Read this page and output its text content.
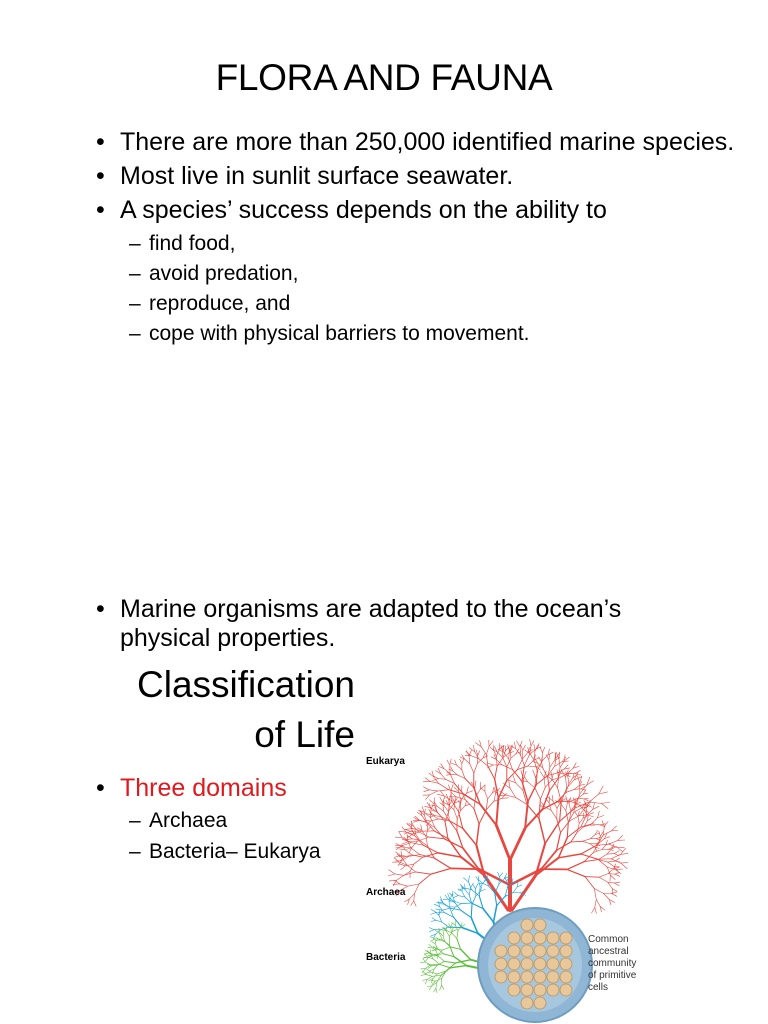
FLORA AND FAUNA
• There are more than 250,000 identified marine species.
• Most live in sunlit surface seawater.
• A species’ success depends on the ability to
– find food,
– avoid predation,
– reproduce, and
– cope with physical barriers to movement.
• Marine organisms are adapted to the ocean’s physical properties.
Classification
of Life
• Three domains
– Archaea
– Bacteria– Eukarya
Eukarya
Archaea
Bacteria
Common
ancestral
community
of primitive
cells
